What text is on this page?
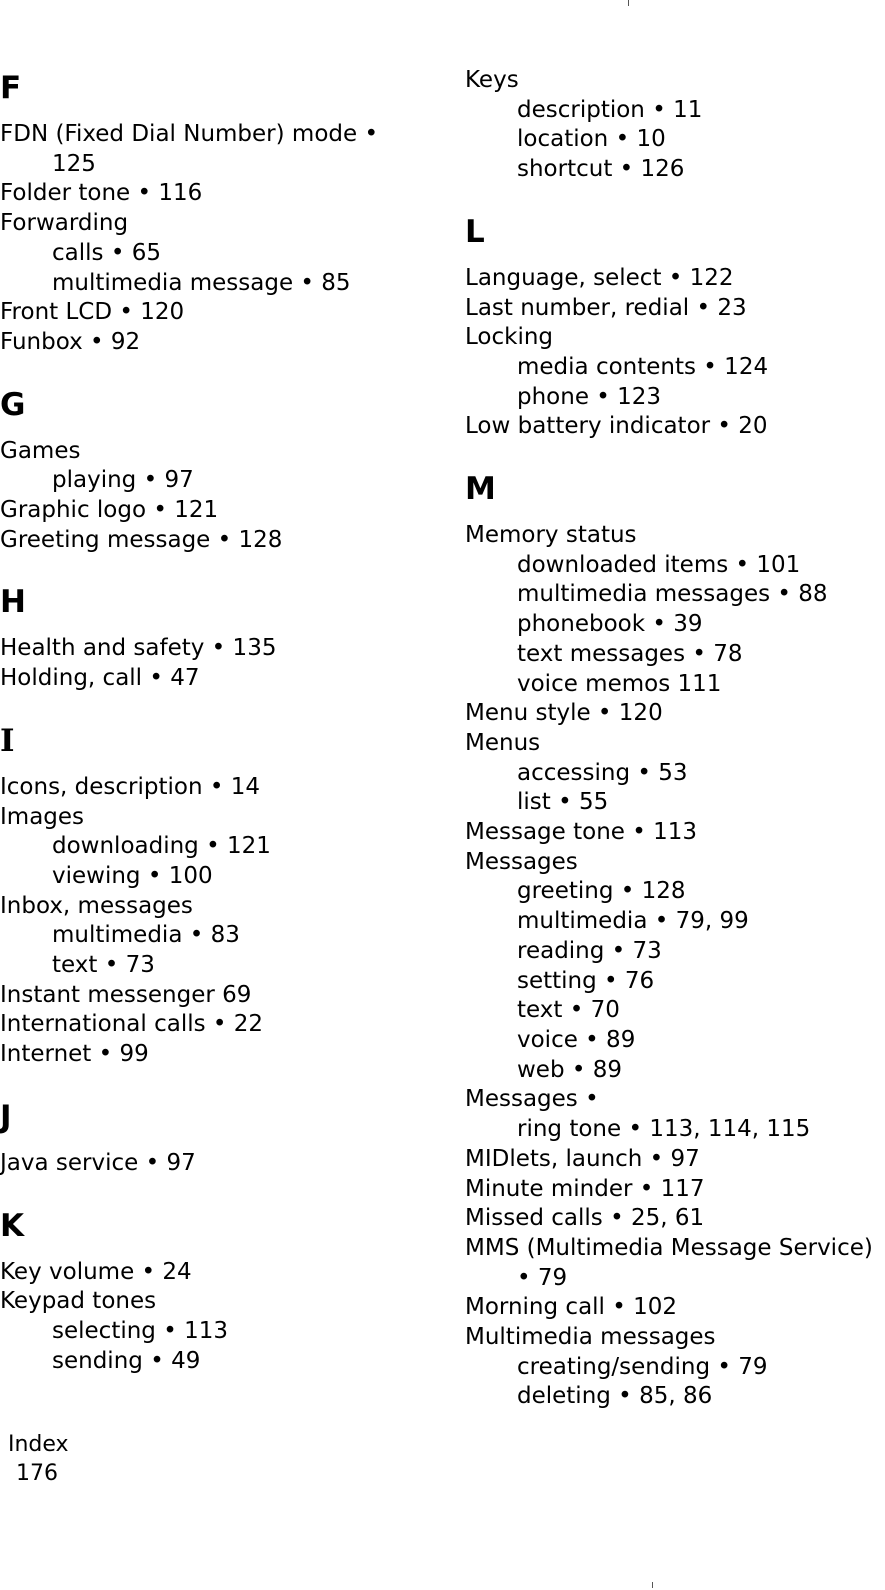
F
FDN (Fixed Dial Number) mode •
125
Folder tone • 116
Forwarding
calls • 65
multimedia message • 85
Front LCD • 120
Funbox • 92
G
Games
playing • 97
Graphic logo • 121
Greeting message • 128
H
Health and safety • 135
Holding, call • 47
I
Icons, description • 14
Images
downloading • 121
viewing • 100
Inbox, messages
multimedia • 83
text • 73
Instant messenger 69
International calls • 22
Internet • 99
J
Java service • 97
K
Key volume • 24
Keypad tones
selecting • 113
sending • 49
Keys
description • 11
location • 10
shortcut • 126
L
Language, select • 122
Last number, redial • 23
Locking
media contents • 124
phone • 123
Low battery indicator • 20
M
Memory status
downloaded items • 101
multimedia messages • 88
phonebook • 39
text messages • 78
voice memos 111
Menu style • 120
Menus
accessing • 53
list • 55
Message tone • 113
Messages
greeting • 128
multimedia • 79, 99
reading • 73
setting • 76
text • 70
voice • 89
web • 89
Messages •
ring tone • 113, 114, 115
MIDlets, launch • 97
Minute minder • 117
Missed calls • 25, 61
MMS (Multimedia Message Service)
• 79
Morning call • 102
Multimedia messages
creating/sending • 79
deleting • 85, 86
Index
176
